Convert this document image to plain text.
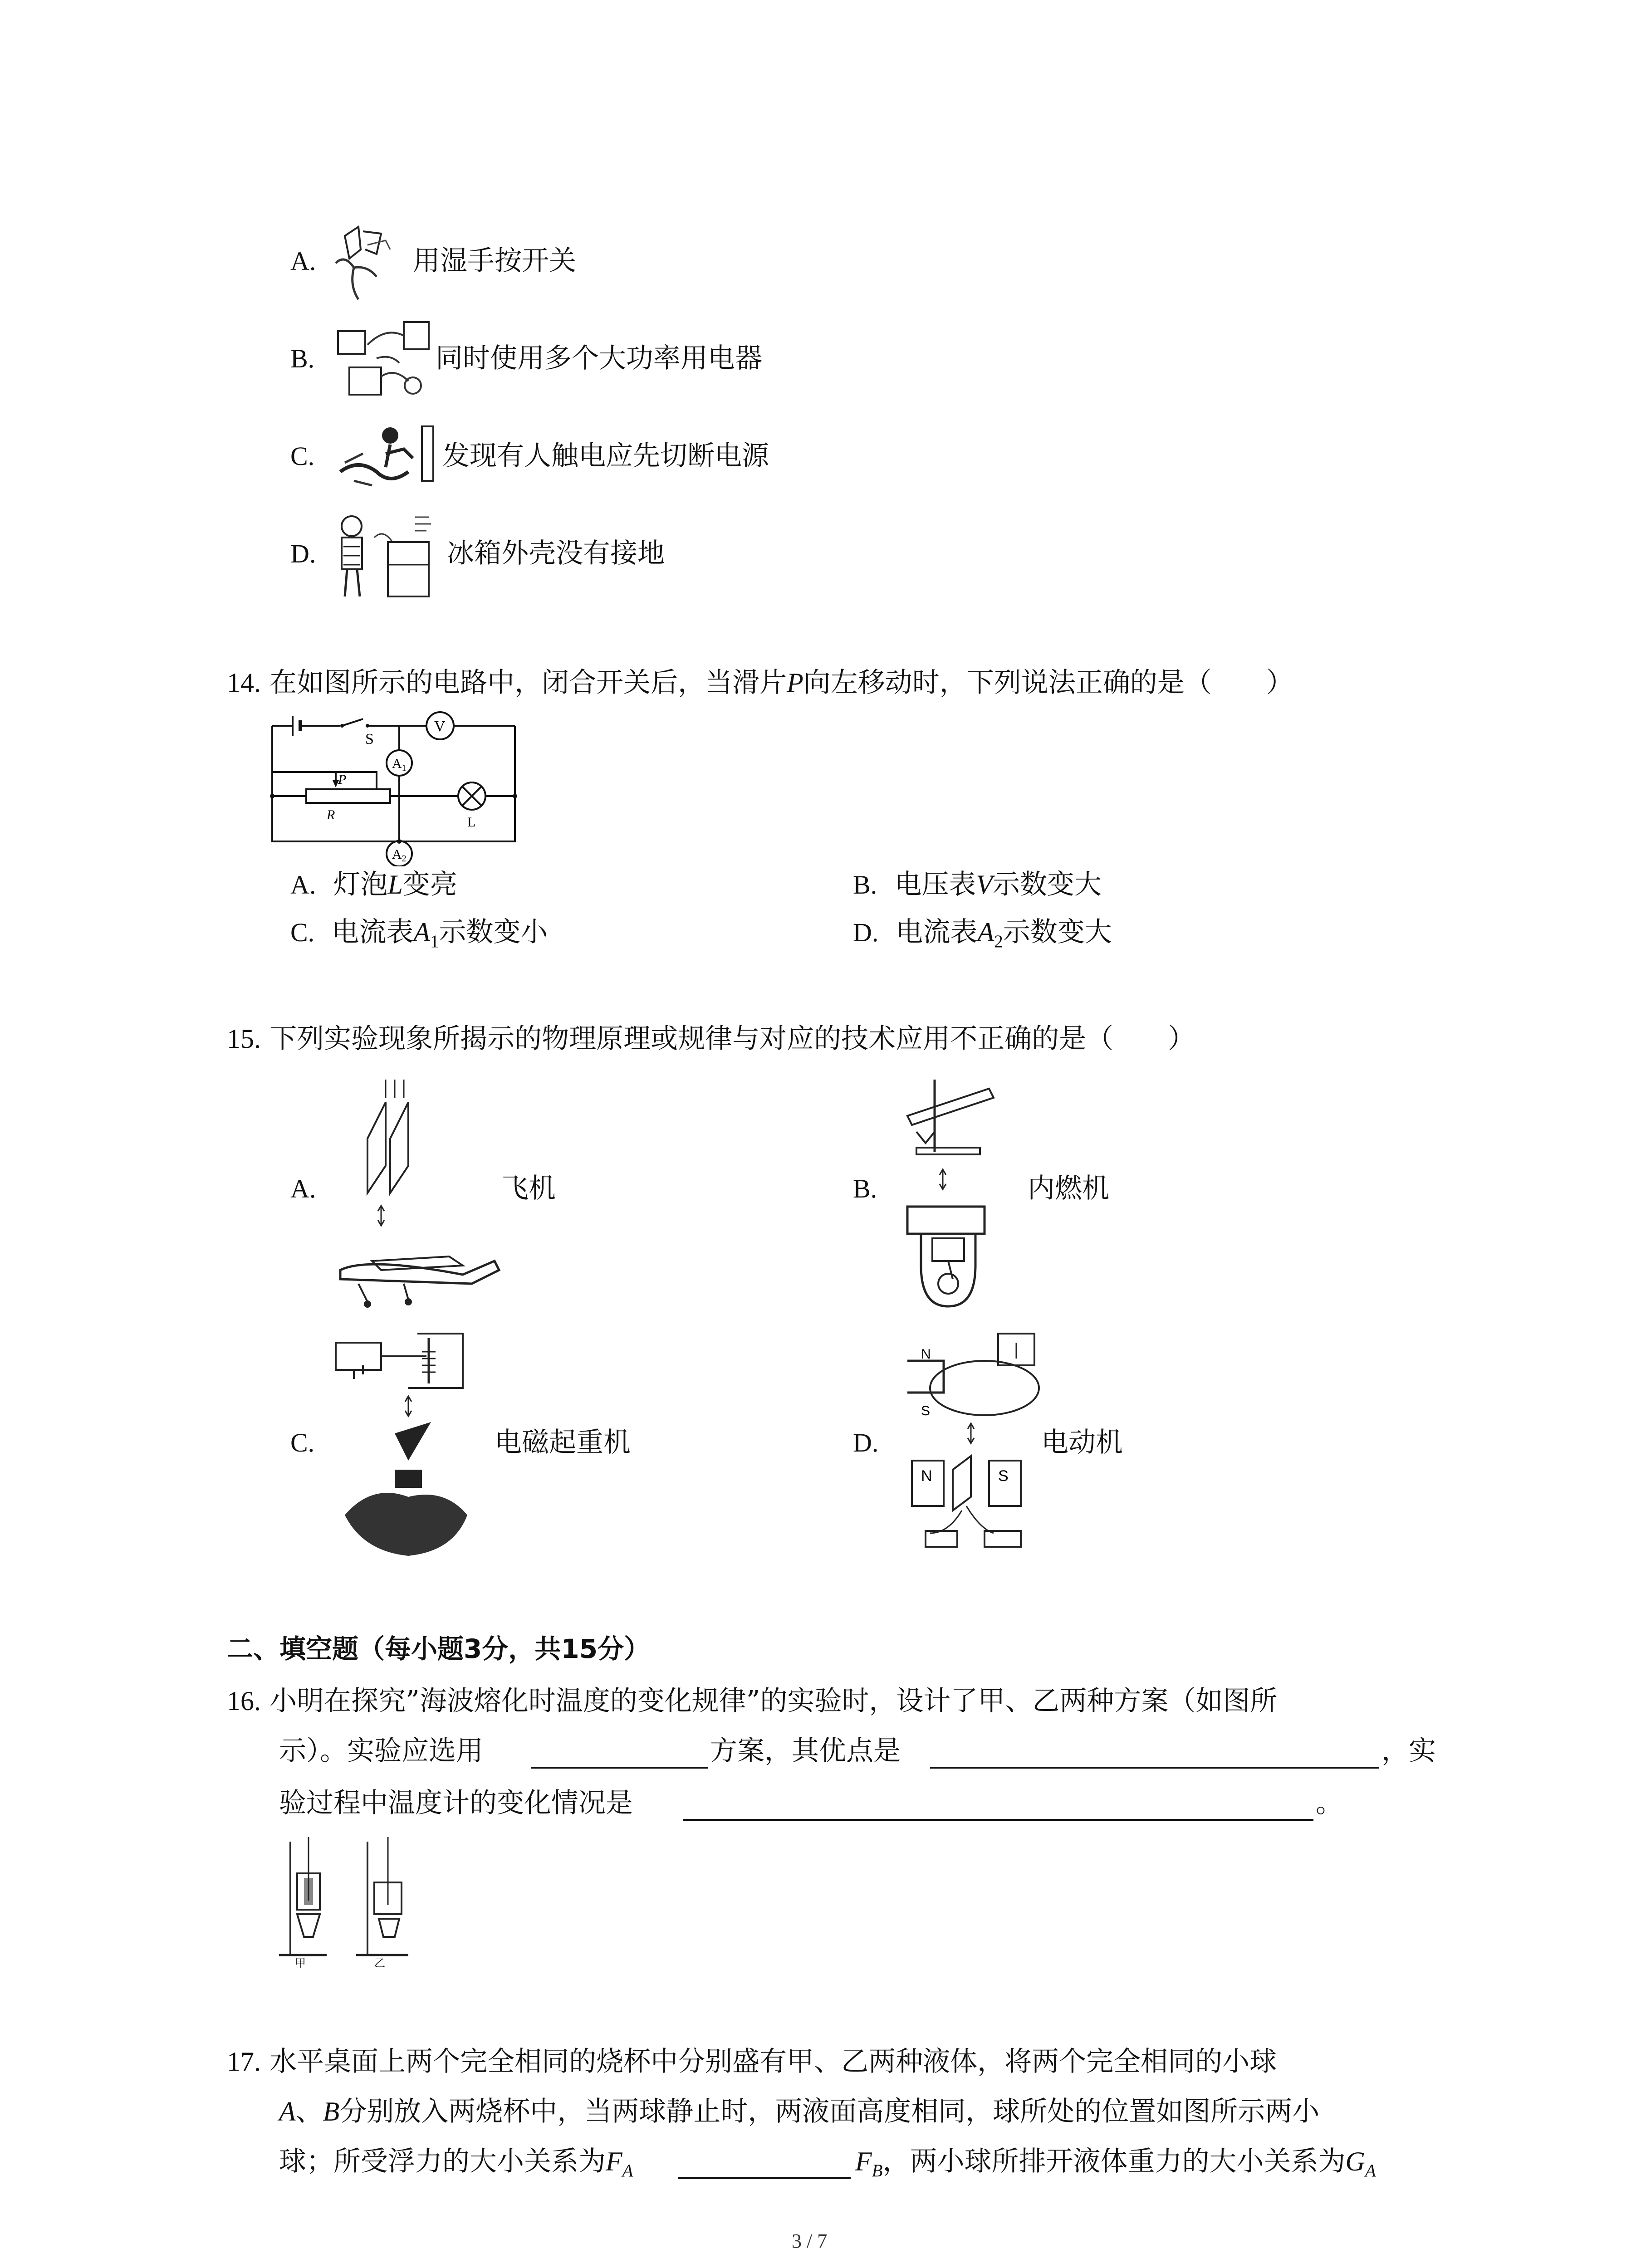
A.	用湿手按开关
B.	同时使用多个大功率用电器
C.	发现有人触电应先切断电源
D.	冰箱外壳没有接地
14. 在如图所示的电路中，闭合开关后，当滑片P向左移动时，下列说法正确的是（　　）
S
V
$A_1$
P
R	L
$A_2$
A. 灯泡L变亮	B. 电压表V示数变大
C. 电流表$A_1$示数变小	D. 电流表$A_2$示数变大
15. 下列实验现象所揭示的物理原理或规律与对应的技术应用不正确的是（　　）
A.	飞机	B.	内燃机
C.	电磁起重机	D.
N
S
N	S
电动机
二、填空题（每小题3分，共15分）
16. 小明在探究”海波熔化时温度的变化规律”的实验时，设计了甲、乙两种方案（如图所
示）。实验应选用	方案，其优点是	，实
验过程中温度计的变化情况是	。
甲	乙
17. 水平桌面上两个完全相同的烧杯中分别盛有甲、乙两种液体，将两个完全相同的小球
A、B分别放入两烧杯中，当两球静止时，两液面高度相同，球所处的位置如图所示两小
球；所受浮力的大小关系为$F_A$	$F_B$，两小球所排开液体重力的大小关系为$G_A$
3 / 7
